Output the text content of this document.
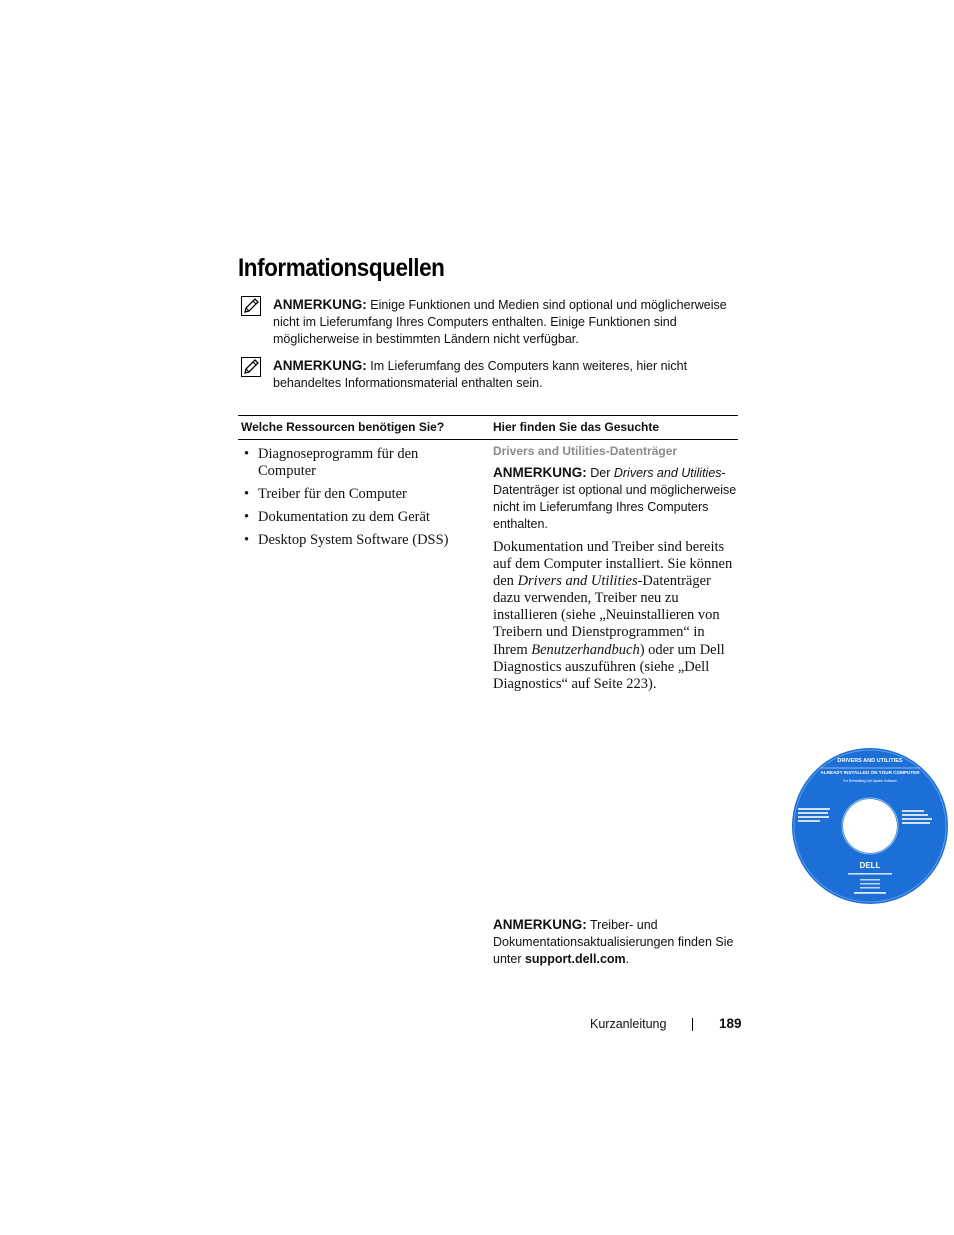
Informationsquellen
ANMERKUNG: Einige Funktionen und Medien sind optional und möglicherweise nicht im Lieferumfang Ihres Computers enthalten. Einige Funktionen sind möglicherweise in bestimmten Ländern nicht verfügbar.
ANMERKUNG: Im Lieferumfang des Computers kann weiteres, hier nicht behandeltes Informationsmaterial enthalten sein.
Welche Ressourcen benötigen Sie?	Hier finden Sie das Gesuchte
• Diagnoseprogramm für den Computer
• Treiber für den Computer
• Dokumentation zu dem Gerät
• Desktop System Software (DSS)

Drivers and Utilities-Datenträger

ANMERKUNG: Der Drivers and Utilities-Datenträger ist optional und möglicherweise nicht im Lieferumfang Ihres Computers enthalten.

Dokumentation und Treiber sind bereits auf dem Computer installiert. Sie können den Drivers and Utilities-Datenträger dazu verwenden, Treiber neu zu installieren (siehe „Neuinstallieren von Treibern und Dienstprogrammen“ in Ihrem Benutzerhandbuch) oder um Dell Diagnostics auszuführen (siehe „Dell Diagnostics“ auf Seite 223).

DRIVERS AND UTILITIES
ALREADY INSTALLED ON YOUR COMPUTER
For Reinstalling Dell System Software
DELL

ANMERKUNG: Treiber- und Dokumentationsaktualisierungen finden Sie unter support.dell.com.

Kurzanleitung	189
